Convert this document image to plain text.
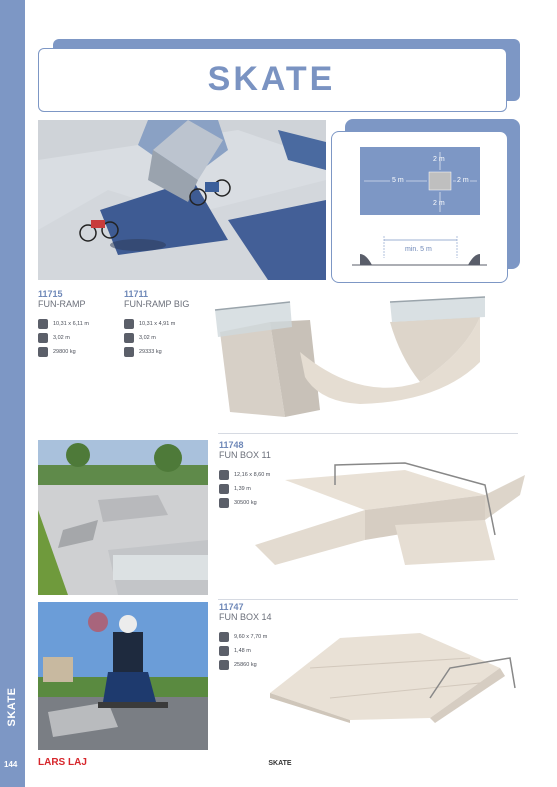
SKATE
144
SKATE
2 m
5 m	2 m
2 m
min. 5 m
11715
FUN-RAMP
10,31 x 6,11 m
3,02 m
29800 kg
11711
FUN-RAMP BIG
10,31 x 4,91 m
3,02 m
29333 kg
11748
FUN BOX 11
12,16 x 8,60 m
1,39 m
30500 kg
11747
FUN BOX 14
9,60 x 7,70 m
1,48 m
25860 kg
LARS LAJ	SKATE
